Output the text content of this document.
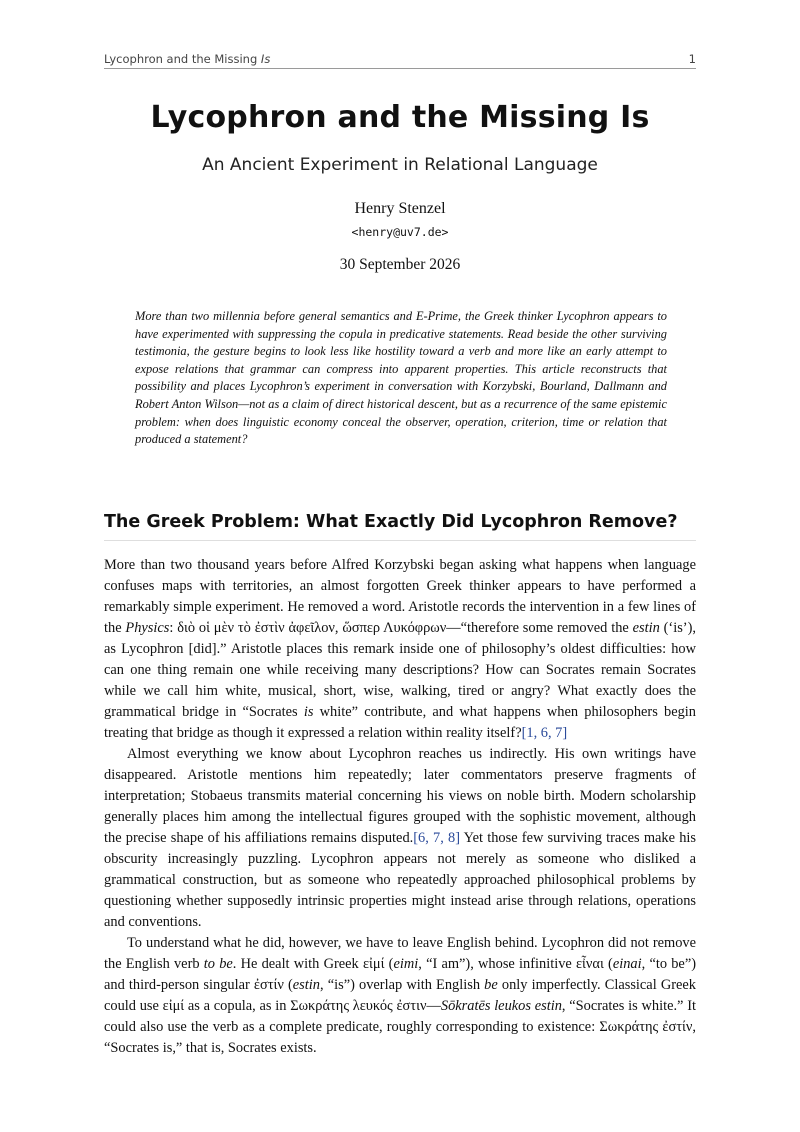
Lycophron and the Missing Is	1
Lycophron and the Missing Is
An Ancient Experiment in Relational Language
Henry Stenzel
<henry@uv7.de>
30 September 2026

More than two millennia before general semantics and E-Prime, the Greek thinker Lycophron appears to have experimented with suppressing the copula in predicative statements. Read beside the other surviving testimonia, the gesture begins to look less like hostility toward a verb and more like an early attempt to expose relations that grammar can compress into apparent properties. This article reconstructs that possibility and places Lycophron’s experiment in conversation with Korzybski, Bourland, Dallmann and Robert Anton Wilson—not as a claim of direct historical descent, but as a recurrence of the same epistemic problem: when does linguistic economy conceal the observer, operation, criterion, time or relation that produced a statement?

The Greek Problem: What Exactly Did Lycophron Remove?

More than two thousand years before Alfred Korzybski began asking what happens when language confuses maps with territories, an almost forgotten Greek thinker appears to have performed a remarkably simple experiment. He removed a word. Aristotle records the intervention in a few lines of the Physics: διὸ οἱ μὲν τὸ ἐστὶν ἀφεῖλον, ὥσπερ Λυκόφρων—“therefore some removed the estin (‘is’), as Lycophron [did].” Aristotle places this remark inside one of philosophy’s oldest difficulties: how can one thing remain one while receiving many descriptions? How can Socrates remain Socrates while we call him white, musical, short, wise, walking, tired or angry? What exactly does the grammatical bridge in “Socrates is white” contribute, and what happens when philosophers begin treating that bridge as though it expressed a relation within reality itself?[1, 6, 7]

Almost everything we know about Lycophron reaches us indirectly. His own writings have disappeared. Aristotle mentions him repeatedly; later commentators preserve fragments of interpretation; Stobaeus transmits material concerning his views on noble birth. Modern scholarship generally places him among the intellectual figures grouped with the sophistic movement, although the precise shape of his affiliations remains disputed.[6, 7, 8] Yet those few surviving traces make his obscurity increasingly puzzling. Lycophron appears not merely as someone who disliked a grammatical construction, but as someone who repeatedly approached philosophical problems by questioning whether supposedly intrinsic properties might instead arise through relations, operations and conventions.

To understand what he did, however, we have to leave English behind. Lycophron did not remove the English verb to be. He dealt with Greek εἰμί (eimi, “I am”), whose infinitive εἶναι (einai, “to be”) and third-person singular ἐστίν (estin, “is”) overlap with English be only imperfectly. Classical Greek could use εἰμί as a copula, as in Σωκράτης λευκός ἐστιν—Sōkratēs leukos estin, “Socrates is white.” It could also use the verb as a complete predicate, roughly corresponding to existence: Σωκράτης ἐστίν, “Socrates is,” that is, Socrates exists.
